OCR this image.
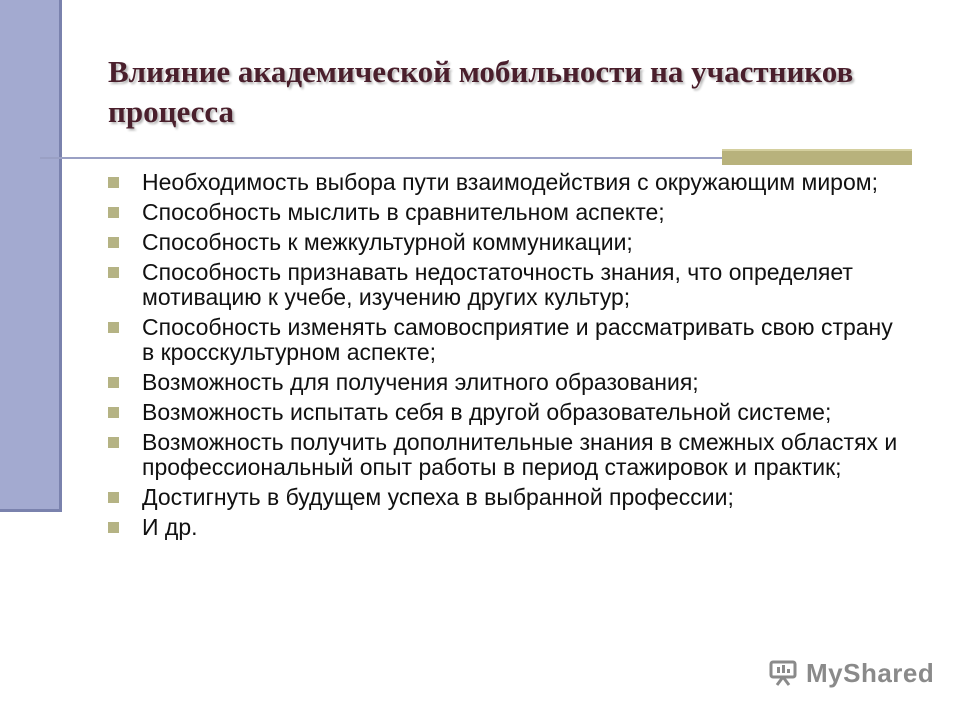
Влияние академической мобильности на участников процесса
Необходимость выбора пути взаимодействия с окружающим миром;
Способность мыслить в сравнительном аспекте;
Способность к межкультурной коммуникации;
Способность признавать недостаточность знания, что определяет мотивацию к учебе, изучению других культур;
Способность изменять самовосприятие и рассматривать свою страну в кросскультурном аспекте;
Возможность для получения элитного образования;
Возможность испытать себя в другой образовательной системе;
Возможность получить дополнительные знания в смежных областях и профессиональный опыт работы в период стажировок и практик;
Достигнуть в будущем успеха в выбранной профессии;
И др.
MyShared
